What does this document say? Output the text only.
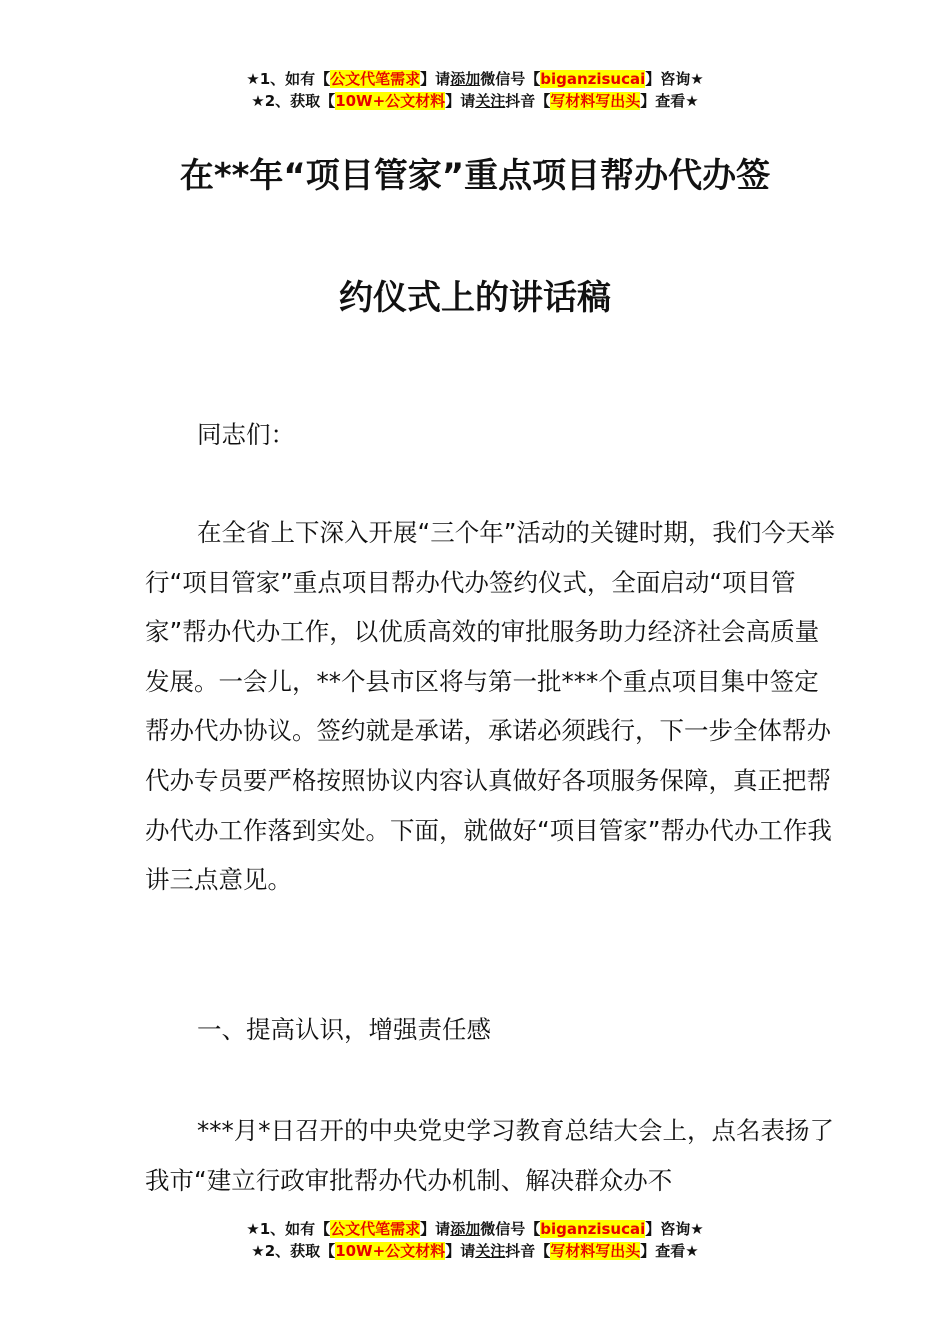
★1、如有【公文代笔需求】请添加微信号【biganzisucai】咨询★
★2、获取【10W+公文材料】请关注抖音【写材料写出头】查看★
在**年“项目管家”重点项目帮办代办签
约仪式上的讲话稿
同志们：
在全省上下深入开展“三个年”活动的关键时期，我们今天举行“项目管家”重点项目帮办代办签约仪式，全面启动“项目管家”帮办代办工作，以优质高效的审批服务助力经济社会高质量发展。一会儿，**个县市区将与第一批***个重点项目集中签定帮办代办协议。签约就是承诺，承诺必须践行，下一步全体帮办代办专员要严格按照协议内容认真做好各项服务保障，真正把帮办代办工作落到实处。下面，就做好“项目管家”帮办代办工作我讲三点意见。
一、提高认识，增强责任感
***月*日召开的中央党史学习教育总结大会上，点名表扬了我市“建立行政审批帮办代办机制、解决群众办不
★1、如有【公文代笔需求】请添加微信号【biganzisucai】咨询★
★2、获取【10W+公文材料】请关注抖音【写材料写出头】查看★
